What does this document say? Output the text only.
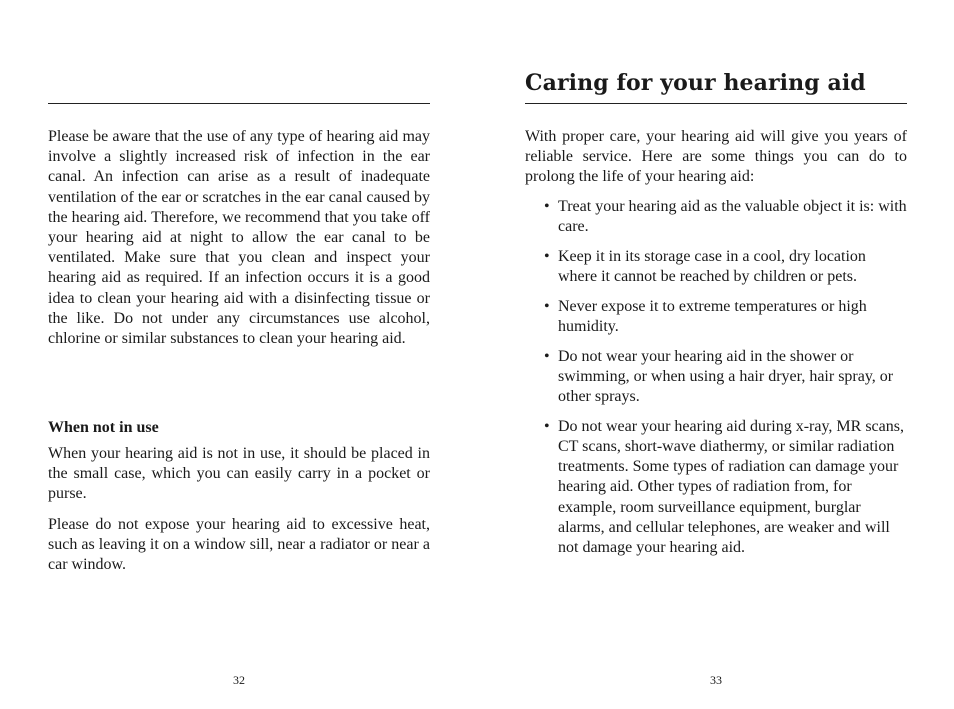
Please be aware that the use of any type of hearing aid may involve a slightly increased risk of infection in the ear canal. An infection can arise as a result of inadequate ventilation of the ear or scratches in the ear canal caused by the hearing aid. Therefore, we recommend that you take off your hearing aid at night to allow the ear canal to be ventilated. Make sure that you clean and inspect your hearing aid as required. If an infection occurs it is a good idea to clean your hearing aid with a disinfecting tissue or the like. Do not under any circumstances use alcohol, chlorine or similar substances to clean your hearing aid.

When not in use

When your hearing aid is not in use, it should be placed in the small case, which you can easily carry in a pocket or purse.

Please do not expose your hearing aid to excessive heat, such as leaving it on a window sill, near a radiator or near a car window.

32
Caring for your hearing aid

With proper care, your hearing aid will give you years of reliable service. Here are some things you can do to prolong the life of your hearing aid:

• Treat your hearing aid as the valuable object it is: with care.
• Keep it in its storage case in a cool, dry location where it cannot be reached by children or pets.
• Never expose it to extreme temperatures or high humidity.
• Do not wear your hearing aid in the shower or swimming, or when using a hair dryer, hair spray, or other sprays.
• Do not wear your hearing aid during x-ray, MR scans, CT scans, short-wave diathermy, or similar radiation treatments. Some types of radiation can damage your hearing aid. Other types of radiation from, for example, room surveillance equipment, burglar alarms, and cellular telephones, are weaker and will not damage your hearing aid.
33
